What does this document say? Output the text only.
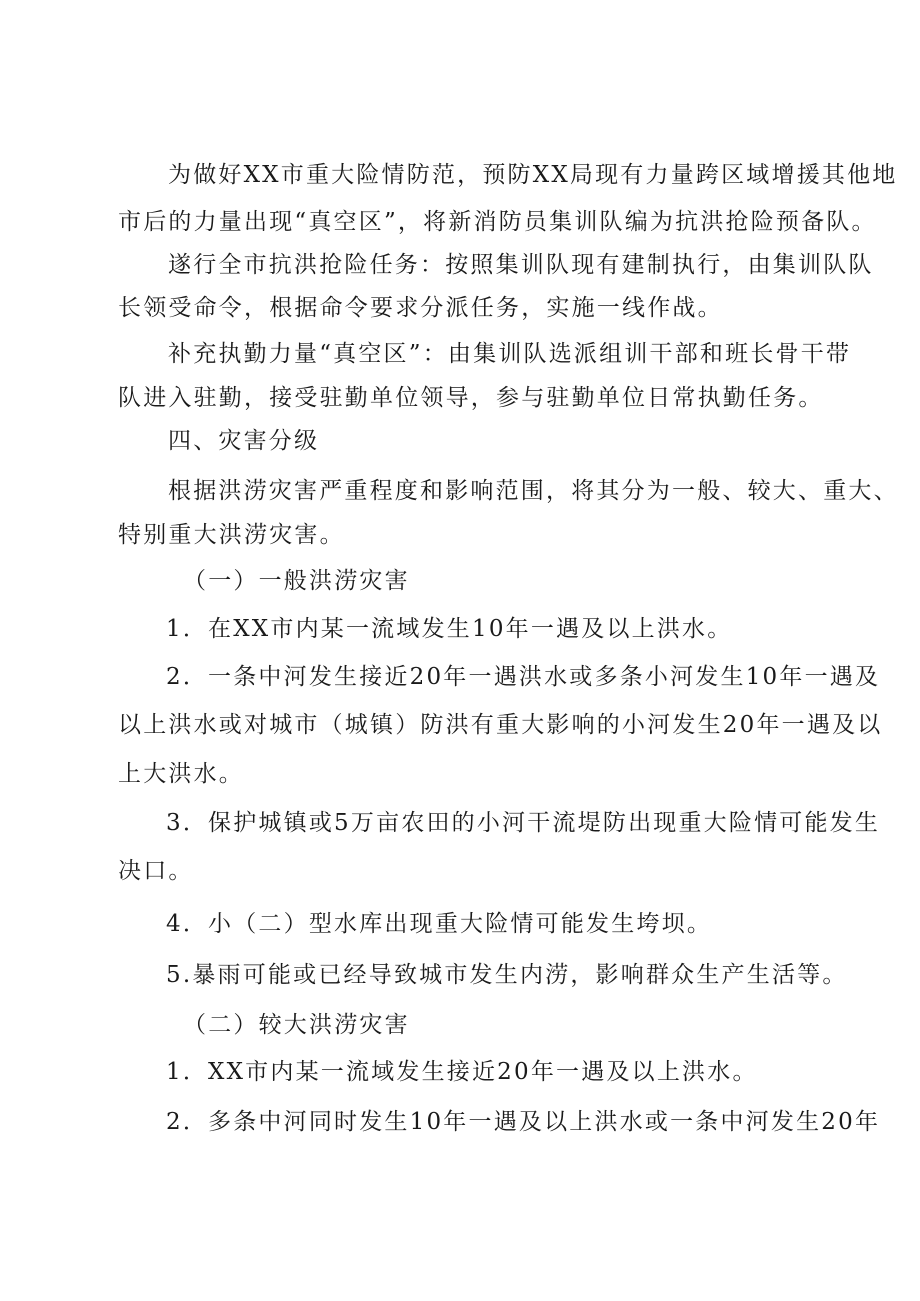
为做好XX市重大险情防范，预防XX局现有力量跨区域增援其他地
市后的力量出现“真空区”，将新消防员集训队编为抗洪抢险预备队。
遂行全市抗洪抢险任务：按照集训队现有建制执行，由集训队队
长领受命令，根据命令要求分派任务，实施一线作战。
补充执勤力量“真空区”：由集训队选派组训干部和班长骨干带
队进入驻勤，接受驻勤单位领导，参与驻勤单位日常执勤任务。
四、灾害分级
根据洪涝灾害严重程度和影响范围，将其分为一般、较大、重大、
特别重大洪涝灾害。
（一）一般洪涝灾害
1．在XX市内某一流域发生10年一遇及以上洪水。
2．一条中河发生接近20年一遇洪水或多条小河发生10年一遇及
以上洪水或对城市（城镇）防洪有重大影响的小河发生20年一遇及以
上大洪水。
3．保护城镇或5万亩农田的小河干流堤防出现重大险情可能发生
决口。
4．小（二）型水库出现重大险情可能发生垮坝。
5.暴雨可能或已经导致城市发生内涝，影响群众生产生活等。
（二）较大洪涝灾害
1．XX市内某一流域发生接近20年一遇及以上洪水。
2．多条中河同时发生10年一遇及以上洪水或一条中河发生20年
